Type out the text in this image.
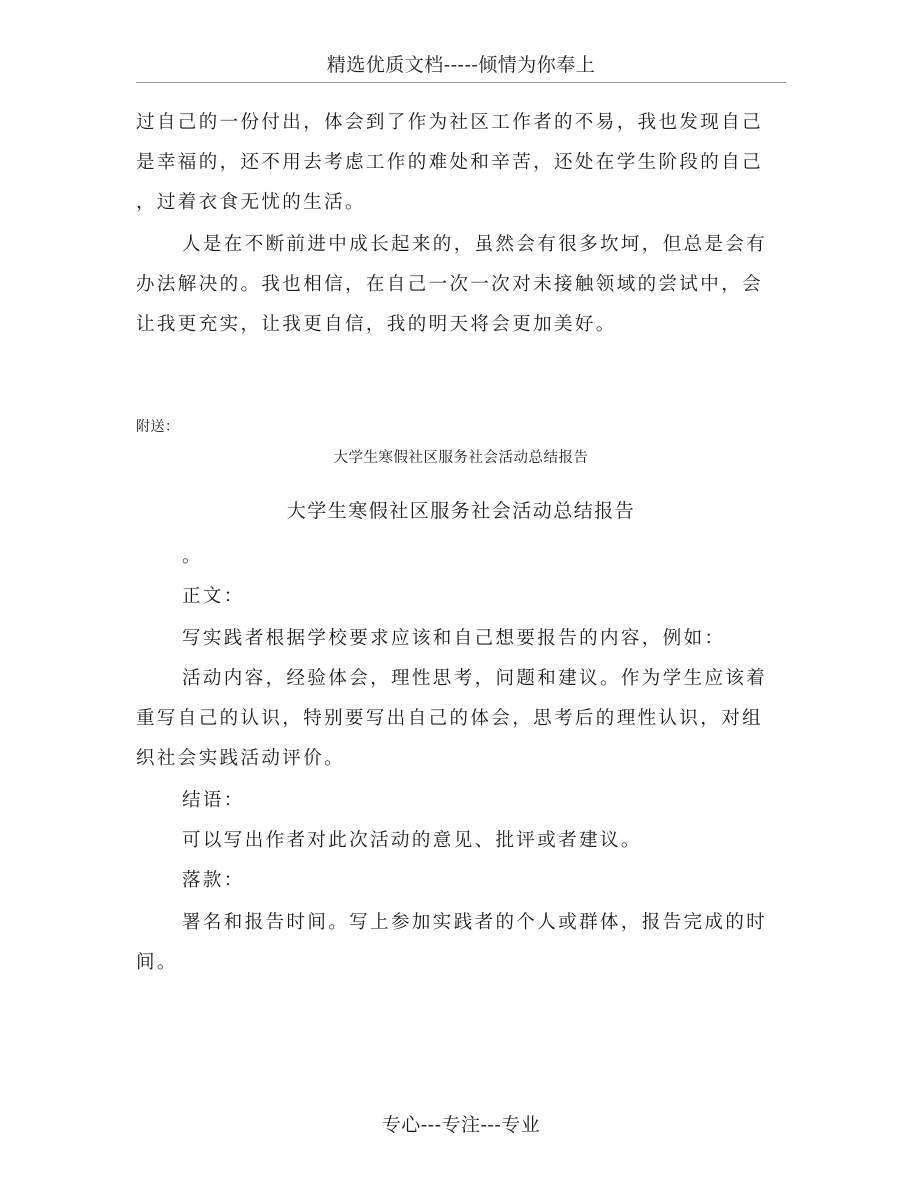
精选优质文档-----倾情为你奉上
过自己的一份付出，体会到了作为社区工作者的不易，我也发现自己
是幸福的，还不用去考虑工作的难处和辛苦，还处在学生阶段的自己
，过着衣食无忧的生活。
人是在不断前进中成长起来的，虽然会有很多坎坷，但总是会有
办法解决的。我也相信，在自己一次一次对未接触领域的尝试中，会
让我更充实，让我更自信，我的明天将会更加美好。
附送：
大学生寒假社区服务社会活动总结报告
大学生寒假社区服务社会活动总结报告
。
正文：
写实践者根据学校要求应该和自己想要报告的内容，例如：
活动内容，经验体会，理性思考，问题和建议。作为学生应该着
重写自己的认识，特别要写出自己的体会，思考后的理性认识，对组
织社会实践活动评价。
结语：
可以写出作者对此次活动的意见、批评或者建议。
落款：
署名和报告时间。写上参加实践者的个人或群体，报告完成的时
间。
专心---专注---专业
